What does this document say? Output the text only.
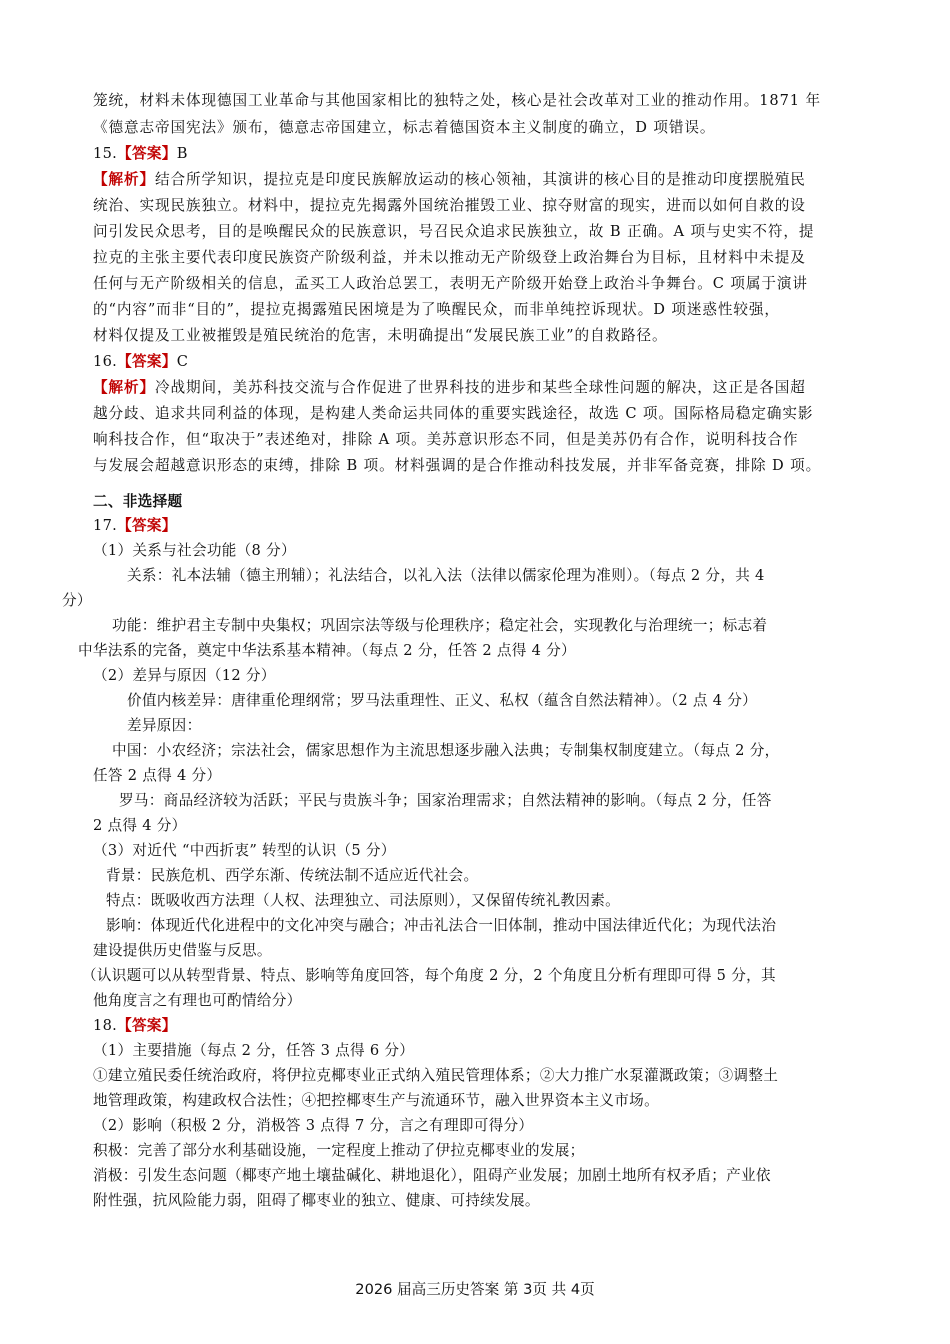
笼统，材料未体现德国工业革命与其他国家相比的独特之处，核心是社会改革对工业的推动作用。1871 年
《德意志帝国宪法》颁布，德意志帝国建立，标志着德国资本主义制度的确立，D 项错误。
15.【答案】B
【解析】结合所学知识，提拉克是印度民族解放运动的核心领袖，其演讲的核心目的是推动印度摆脱殖民
统治、实现民族独立。材料中，提拉克先揭露外国统治摧毁工业、掠夺财富的现实，进而以如何自救的设
问引发民众思考，目的是唤醒民众的民族意识，号召民众追求民族独立，故 B 正确。A 项与史实不符，提
拉克的主张主要代表印度民族资产阶级利益，并未以推动无产阶级登上政治舞台为目标，且材料中未提及
任何与无产阶级相关的信息，孟买工人政治总罢工，表明无产阶级开始登上政治斗争舞台。C 项属于演讲
的“内容”而非“目的”，提拉克揭露殖民困境是为了唤醒民众，而非单纯控诉现状。D 项迷惑性较强，
材料仅提及工业被摧毁是殖民统治的危害，未明确提出“发展民族工业”的自救路径。
16.【答案】C
【解析】冷战期间，美苏科技交流与合作促进了世界科技的进步和某些全球性问题的解决，这正是各国超
越分歧、追求共同利益的体现，是构建人类命运共同体的重要实践途径，故选 C 项。国际格局稳定确实影
响科技合作，但“取决于”表述绝对，排除 A 项。美苏意识形态不同，但是美苏仍有合作，说明科技合作
与发展会超越意识形态的束缚，排除 B 项。材料强调的是合作推动科技发展，并非军备竞赛，排除 D 项。
二、非选择题
17.【答案】
（1）关系与社会功能（8 分）
关系：礼本法辅（德主刑辅）；礼法结合，以礼入法（法律以儒家伦理为准则）。（每点 2 分，共 4
分）
功能：维护君主专制中央集权；巩固宗法等级与伦理秩序；稳定社会，实现教化与治理统一；标志着
中华法系的完备，奠定中华法系基本精神。（每点 2 分，任答 2 点得 4 分）
（2）差异与原因（12 分）
价值内核差异：唐律重伦理纲常；罗马法重理性、正义、私权（蕴含自然法精神）。（2 点 4 分）
差异原因：
中国：小农经济；宗法社会，儒家思想作为主流思想逐步融入法典；专制集权制度建立。（每点 2 分，
任答 2 点得 4 分）
罗马：商品经济较为活跃；平民与贵族斗争；国家治理需求；自然法精神的影响。（每点 2 分，任答
2 点得 4 分）
（3）对近代 “中西折衷” 转型的认识（5 分）
背景：民族危机、西学东渐、传统法制不适应近代社会。
特点：既吸收西方法理（人权、法理独立、司法原则），又保留传统礼教因素。
影响：体现近代化进程中的文化冲突与融合；冲击礼法合一旧体制，推动中国法律近代化；为现代法治
建设提供历史借鉴与反思。
（认识题可以从转型背景、特点、影响等角度回答，每个角度 2 分，2 个角度且分析有理即可得 5 分，其
他角度言之有理也可酌情给分）
18.【答案】
（1）主要措施（每点 2 分，任答 3 点得 6 分）
①建立殖民委任统治政府，将伊拉克椰枣业正式纳入殖民管理体系；②大力推广水泵灌溉政策；③调整土
地管理政策，构建政权合法性；④把控椰枣生产与流通环节，融入世界资本主义市场。
（2）影响（积极 2 分，消极答 3 点得 7 分，言之有理即可得分）
积极：完善了部分水利基础设施，一定程度上推动了伊拉克椰枣业的发展；
消极：引发生态问题（椰枣产地土壤盐碱化、耕地退化），阻碍产业发展；加剧土地所有权矛盾；产业依
附性强，抗风险能力弱，阻碍了椰枣业的独立、健康、可持续发展。
2026 届高三历史答案 第 3页 共 4页
